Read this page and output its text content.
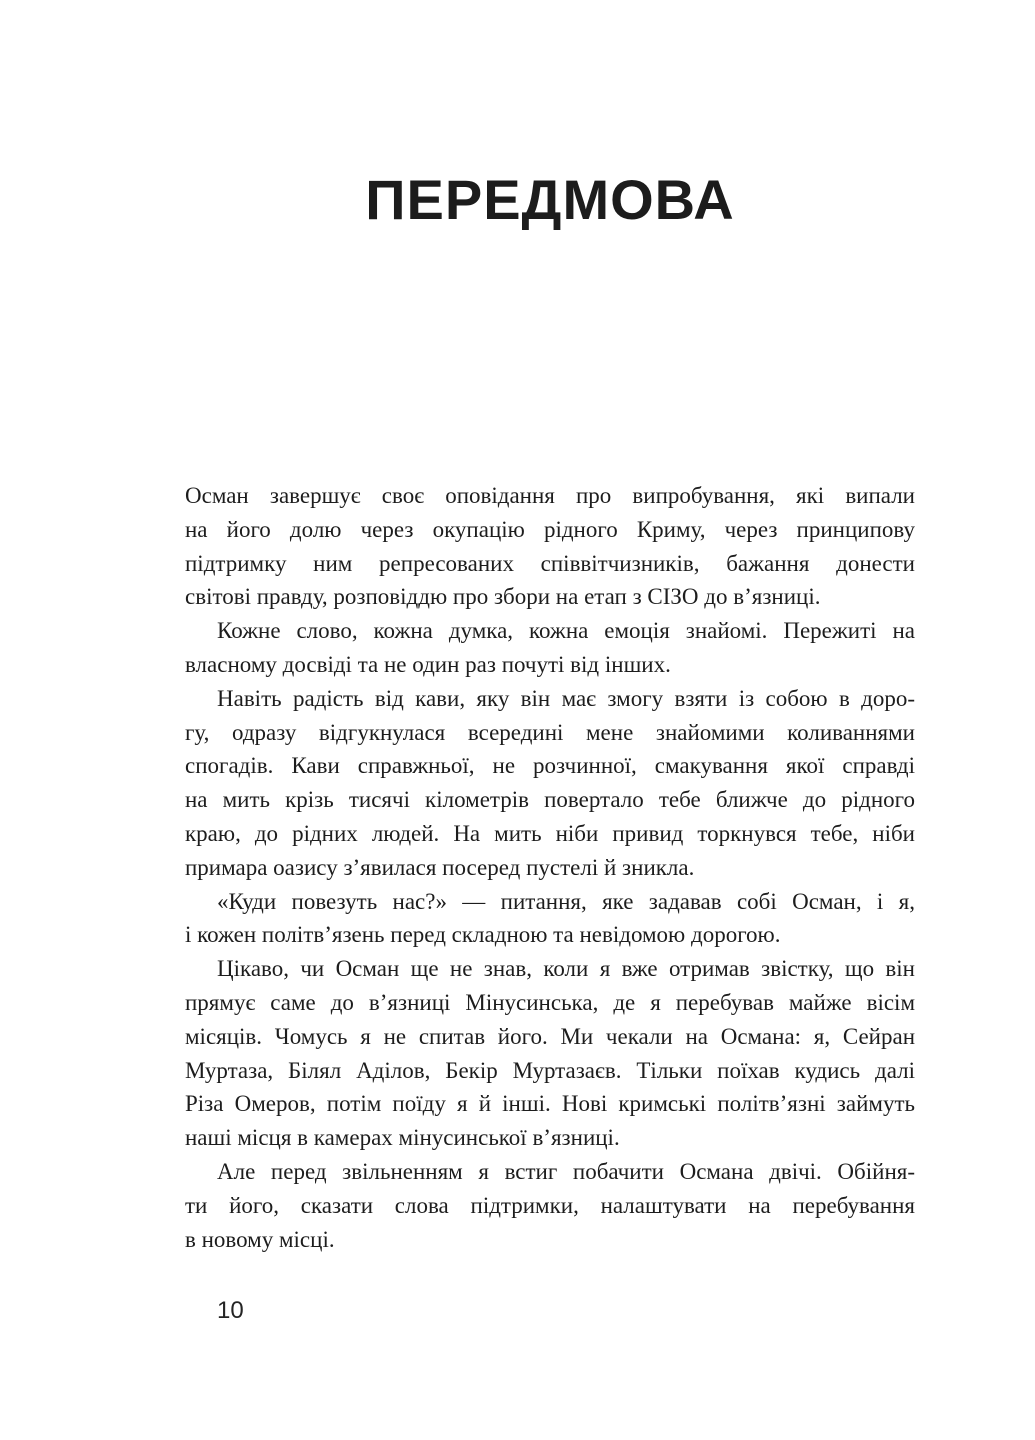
ПЕРЕДМОВА
Осман завершує своє оповідання про випробування, які випали
на його долю через окупацію рідного Криму, через принципову
підтримку ним репресованих співвітчизників, бажання донести
світові правду, розповіддю про збори на етап з СІЗО до в’язниці.
Кожне слово, кожна думка, кожна емоція знайомі. Пережиті на
власному досвіді та не один раз почуті від інших.
Навіть радість від кави, яку він має змогу взяти із собою в доро-
гу, одразу відгукнулася всередині мене знайомими коливаннями
спогадів. Кави справжньої, не розчинної, смакування якої справді
на мить крізь тисячі кілометрів повертало тебе ближче до рідного
краю, до рідних людей. На мить ніби привид торкнувся тебе, ніби
примара оазису з’явилася посеред пустелі й зникла.
«Куди повезуть нас?» — питання, яке задавав собі Осман, і я,
і кожен політв’язень перед складною та невідомою дорогою.
Цікаво, чи Осман ще не знав, коли я вже отримав звістку, що він
прямує саме до в’язниці Мінусинська, де я перебував майже вісім
місяців. Чомусь я не спитав його. Ми чекали на Османа: я, Сейран
Муртаза, Білял Аділов, Бекір Муртазаєв. Тільки поїхав кудись далі
Різа Омеров, потім поїду я й інші. Нові кримські політв’язні займуть
наші місця в камерах мінусинської в’язниці.
Але перед звільненням я встиг побачити Османа двічі. Обійня-
ти його, сказати слова підтримки, налаштувати на перебування
в новому місці.
10
